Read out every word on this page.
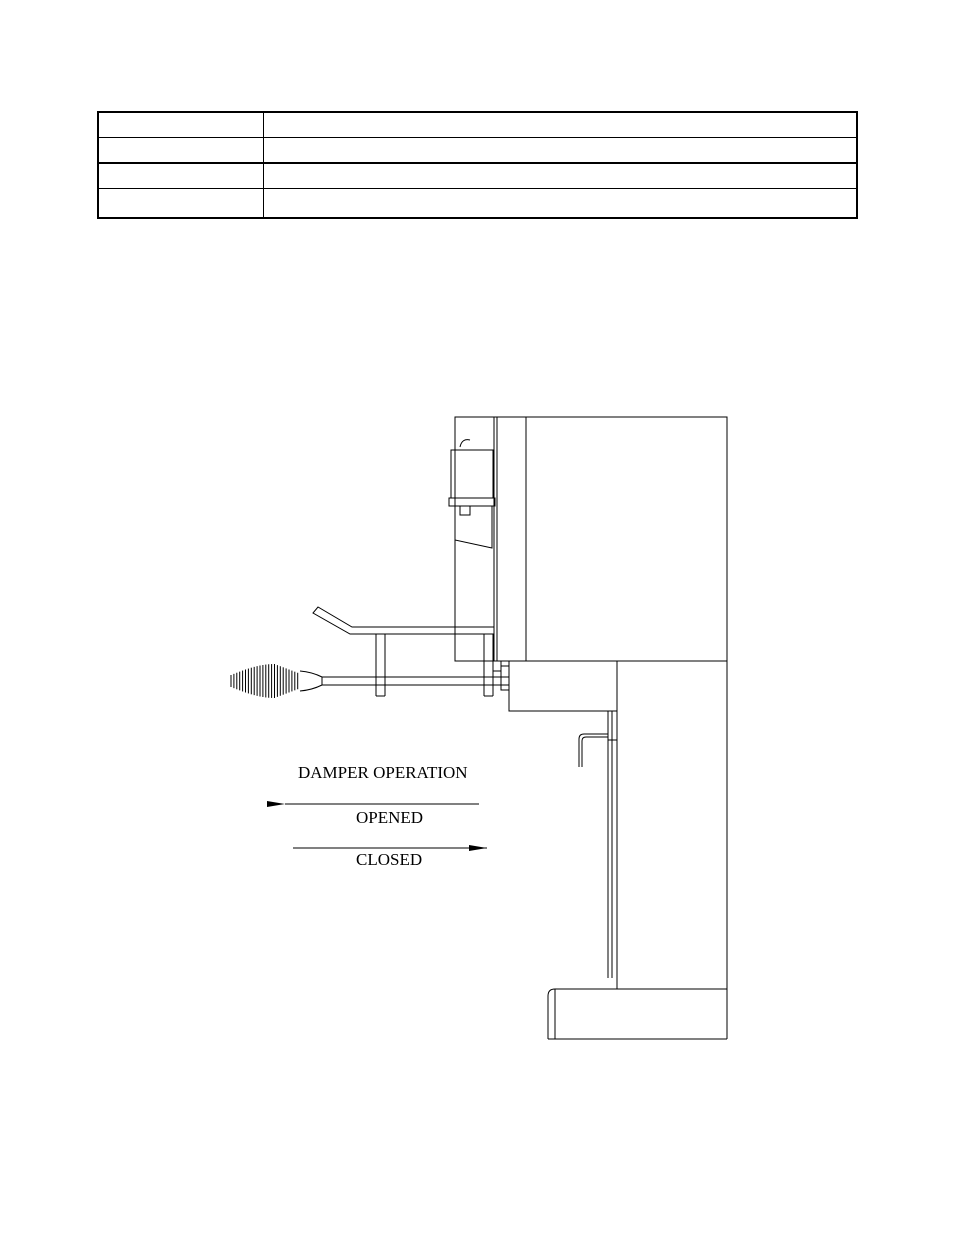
DAMPER OPERATION
OPENED
CLOSED
